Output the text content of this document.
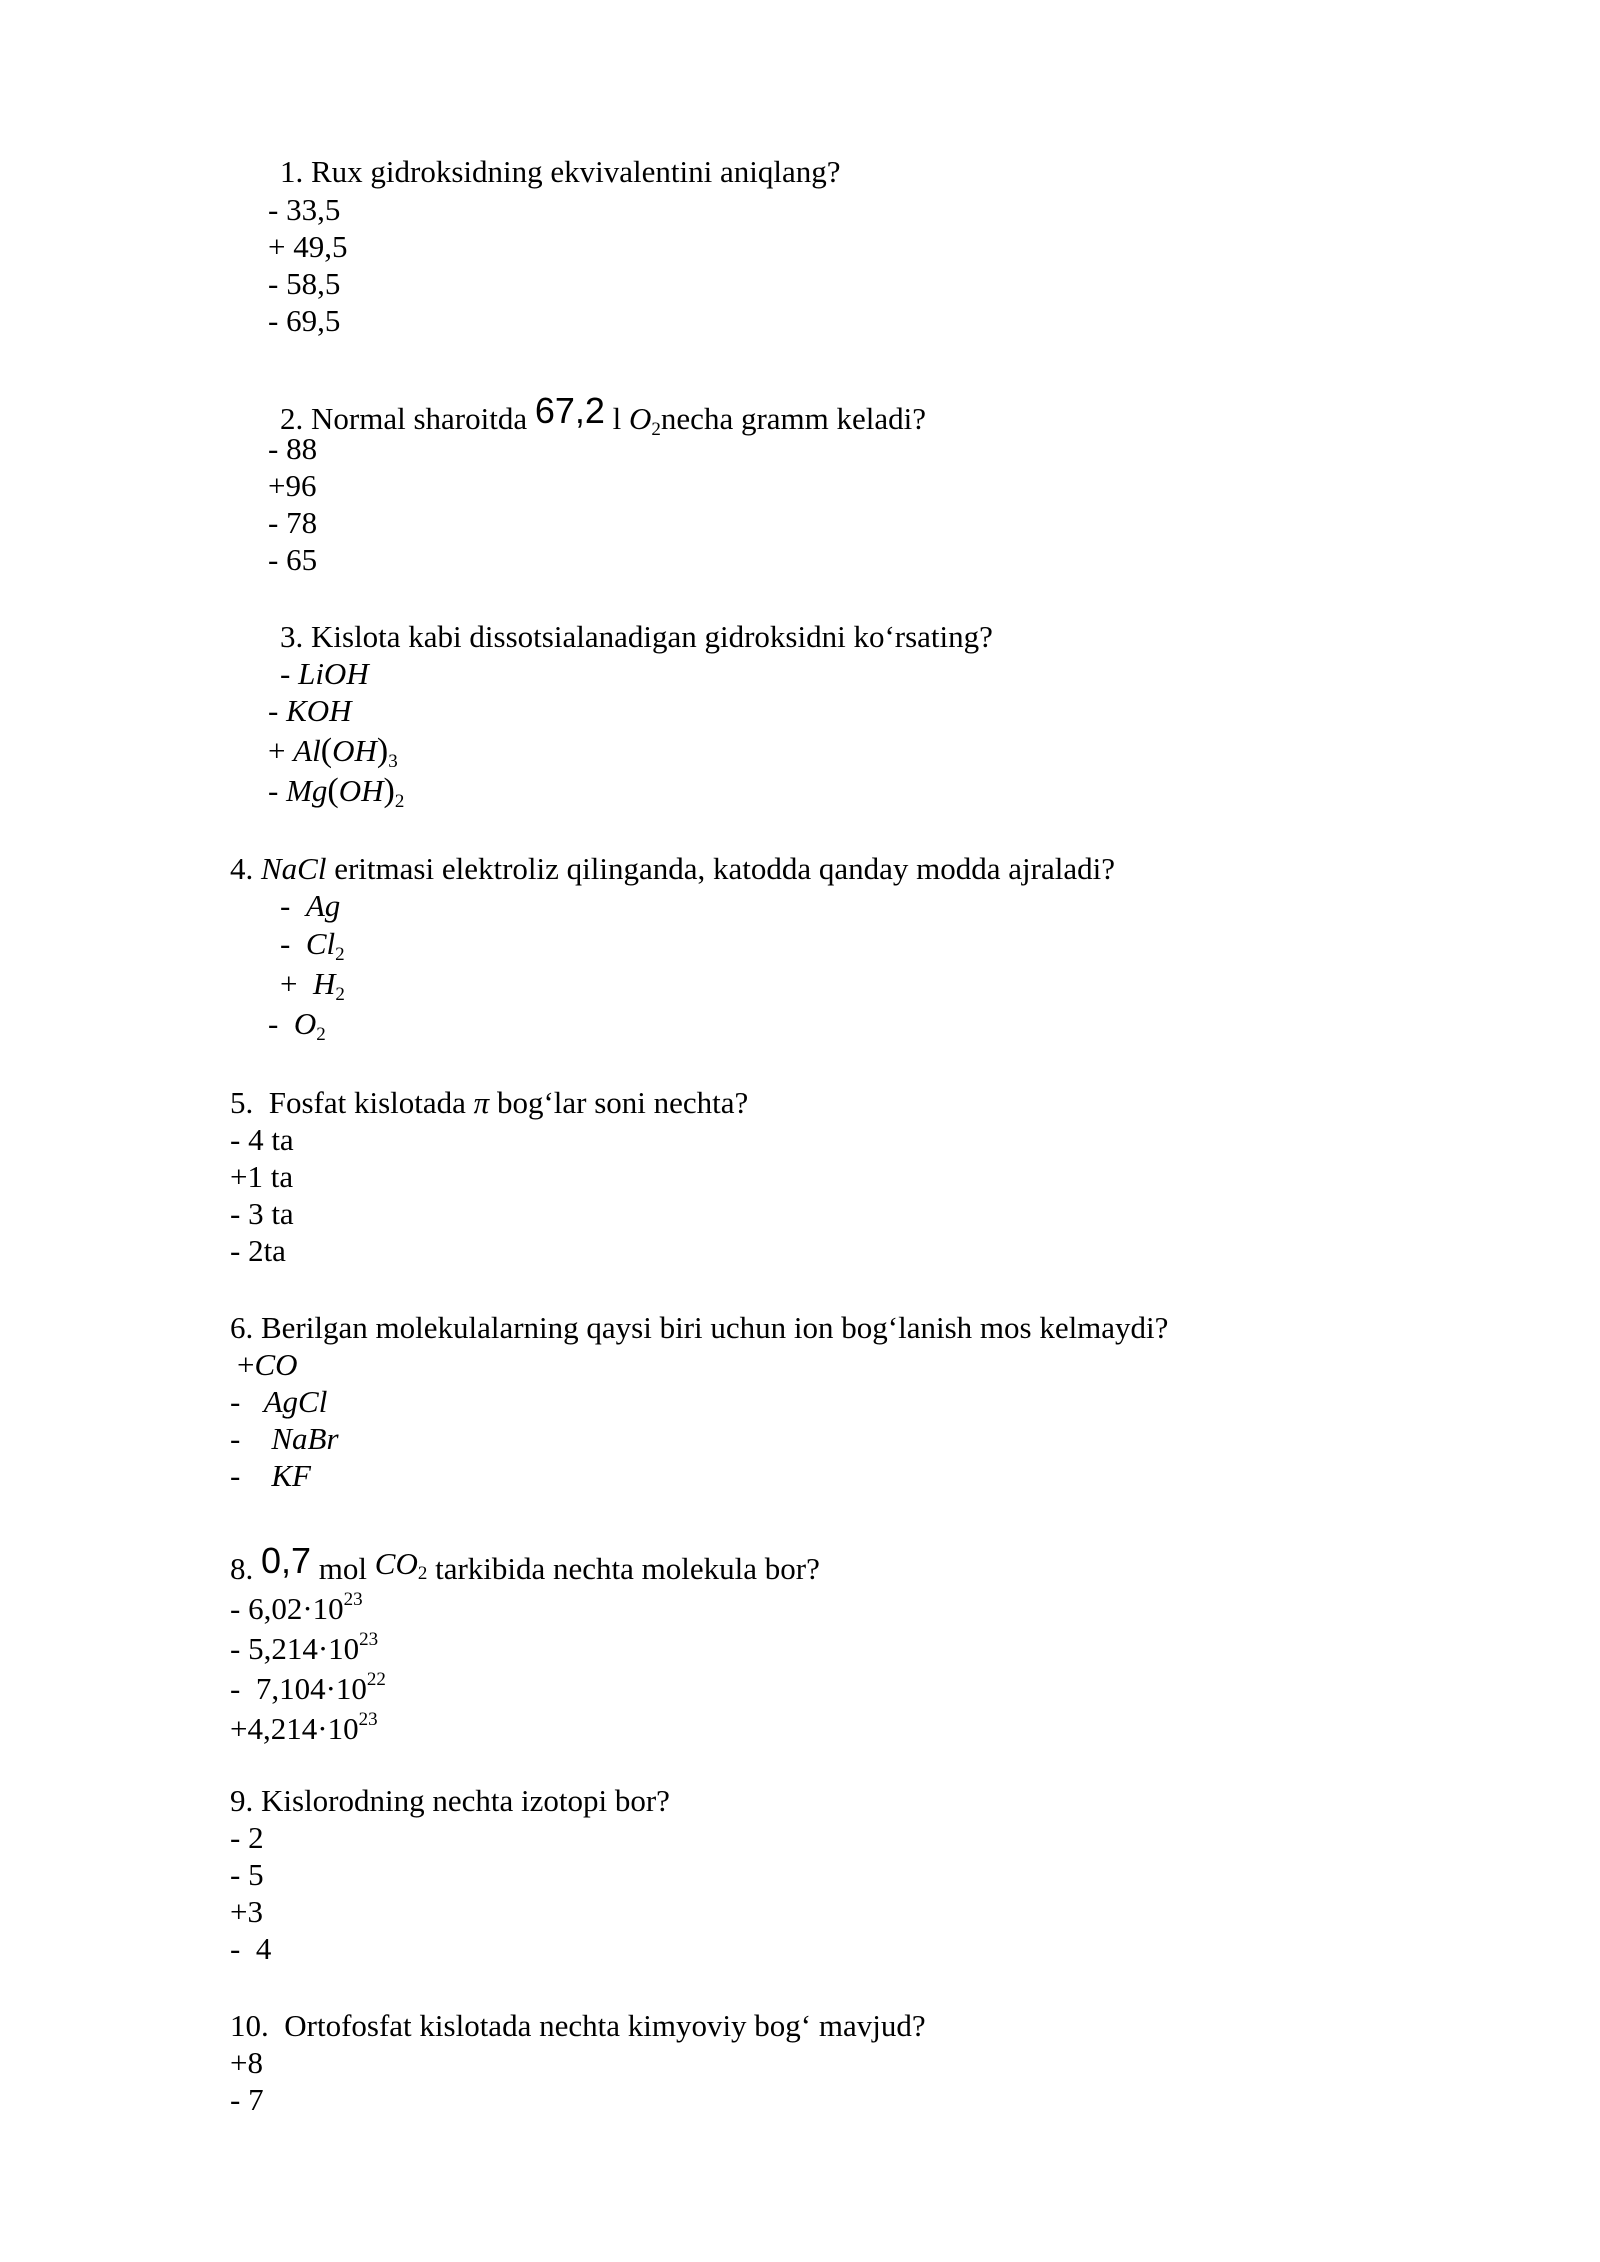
1. Rux gidroksidning ekvivalentini aniqlang?
- 33,5
+ 49,5
- 58,5
- 69,5
2. Normal sharoitda 67,2 l $O_2necha$ gramm keladi?
- 88
+96
- 78
- 65
3. Kislota kabi dissotsialanadigan gidroksidni ko‘rsating?
- LiOH
- KOH
+ $Al(OH)_3$
- $Mg(OH)_2$
4. NaCl eritmasi elektroliz qilinganda, katodda qanday modda ajraladi?
-  Ag
-  $Cl_2$
+  $H_2$
-  $O_2$
5.  Fosfat kislotada π bog‘lar soni nechta?
- 4 ta
+1 ta
- 3 ta
- 2ta
6. Berilgan molekulalarning qaysi biri uchun ion bog‘lanish mos kelmaydi?
+CO
-   AgCl
-    NaBr
-    KF
8. 0,7 mol CO2 tarkibida nechta molekula bor?
- $6,02\cdot 10^{23}$
- $5,214\cdot 10^{23}$
-  $7,104\cdot 10^{22}$
$+4,214\cdot 10^{23}$
9. Kislorodning nechta izotopi bor?
- 2
- 5
+3
-  4
10.  Ortofosfat kislotada nechta kimyoviy bog‘ mavjud?
+8
- 7
